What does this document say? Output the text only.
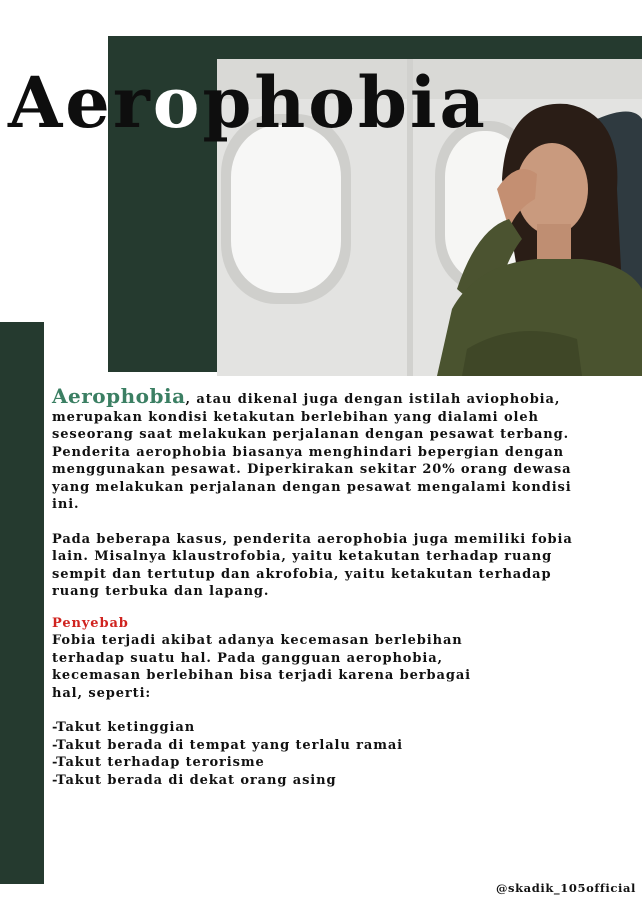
Aerophobia

Aerophobia, atau dikenal juga dengan istilah aviophobia, merupakan kondisi ketakutan berlebihan yang dialami oleh seseorang saat melakukan perjalanan dengan pesawat terbang. Penderita aerophobia biasanya menghindari bepergian dengan menggunakan pesawat. Diperkirakan sekitar 20% orang dewasa yang melakukan perjalanan dengan pesawat mengalami kondisi ini.

Pada beberapa kasus, penderita aerophobia juga memiliki fobia lain. Misalnya klaustrofobia, yaitu ketakutan terhadap ruang sempit dan tertutup dan akrofobia, yaitu ketakutan terhadap ruang terbuka dan lapang.

Penyebab

Fobia terjadi akibat adanya kecemasan berlebihan terhadap suatu hal. Pada gangguan aerophobia, kecemasan berlebihan bisa terjadi karena berbagai hal, seperti:

-Takut ketinggian
-Takut berada di tempat yang terlalu ramai
-Takut terhadap terorisme
-Takut berada di dekat orang asing
@skadik_105official
